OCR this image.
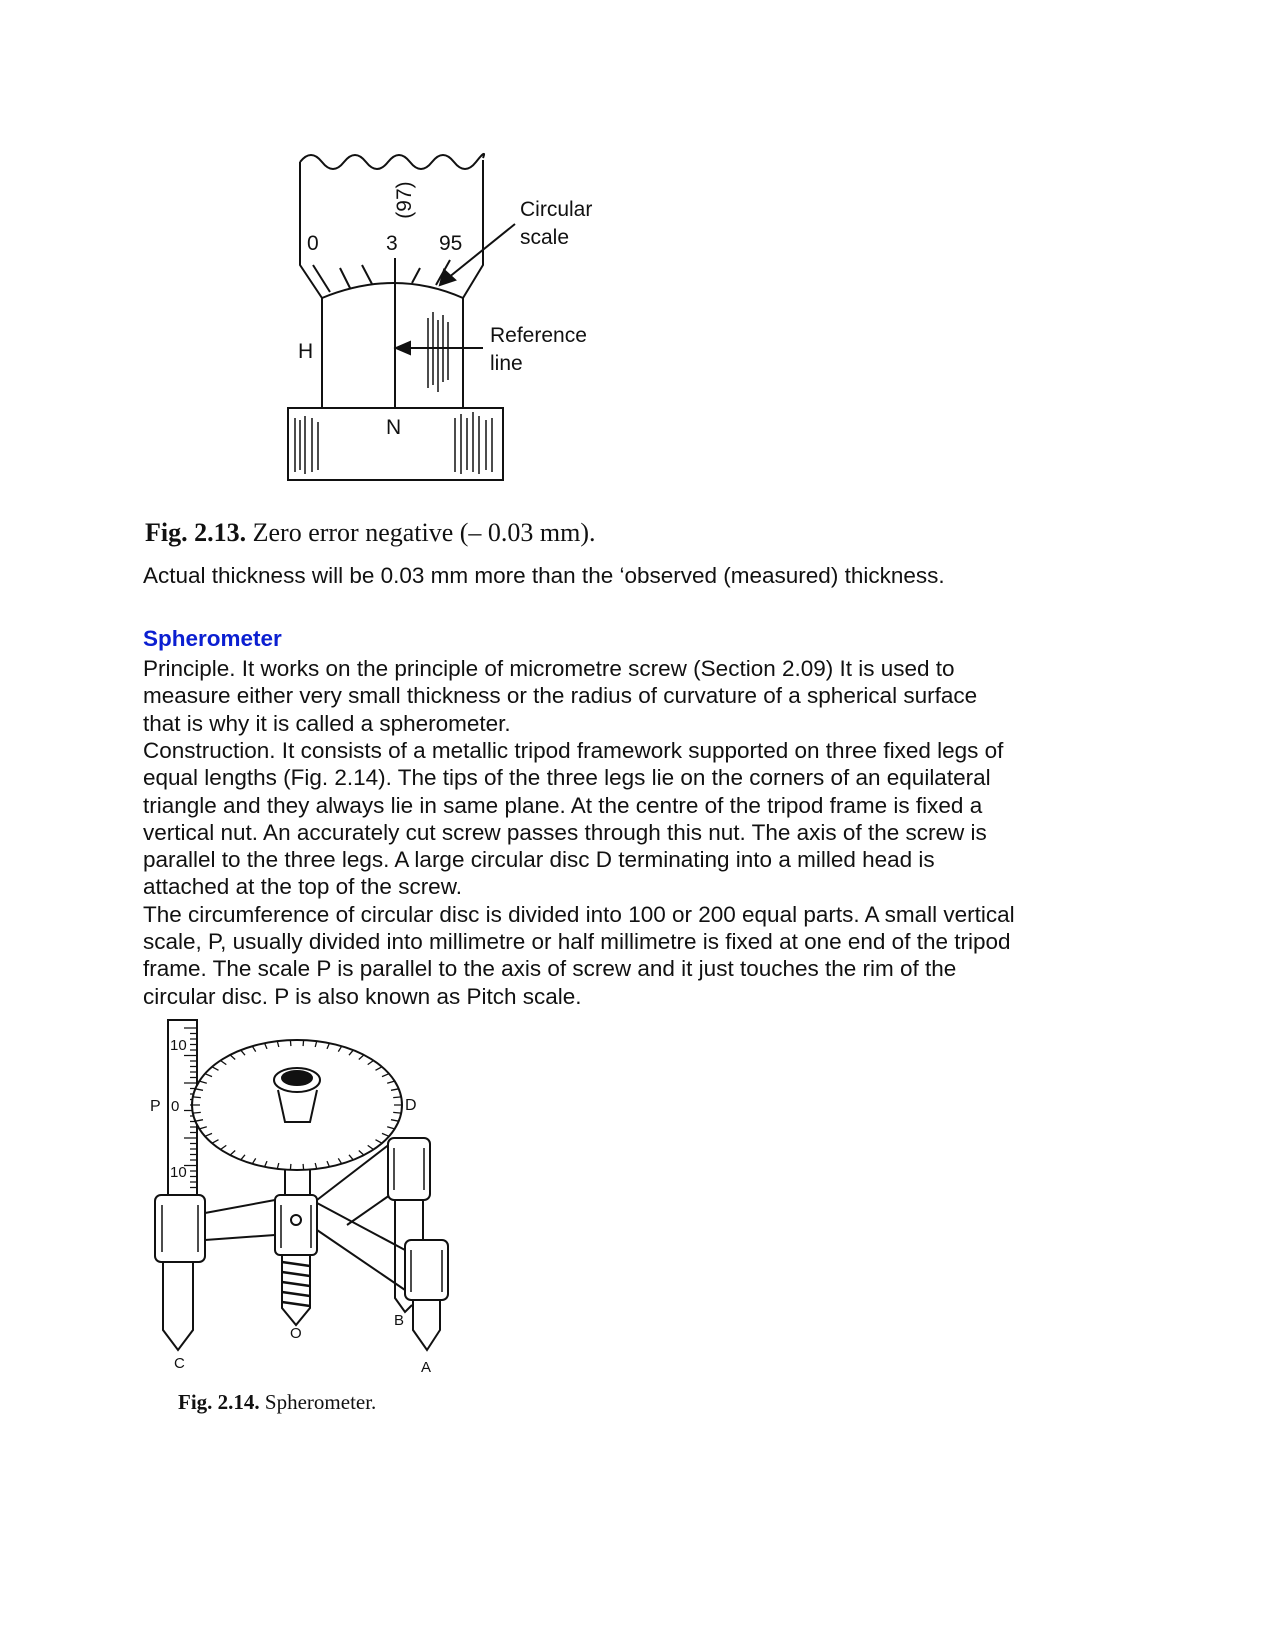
(97)
0	3 95
H
N
Circular
scale
Reference
line
10
P 0
10
D
C
O
B
A
Fig. 2.13. Zero error negative (– 0.03 mm).
Actual thickness will be 0.03 mm more than the ‘observed (measured) thickness.
Spherometer
Principle. It works on the principle of micrometre screw (Section 2.09) It is used to
measure either very small thickness or the radius of curvature of a spherical surface
that is why it is called a spherometer.
Construction. It consists of a metallic tripod framework supported on three fixed legs of
equal lengths (Fig. 2.14). The tips of the three legs lie on the corners of an equilateral
triangle and they always lie in same plane. At the centre of the tripod frame is fixed a
vertical nut. An accurately cut screw passes through this nut. The axis of the screw is
parallel to the three legs. A large circular disc D terminating into a milled head is
attached at the top of the screw.
The circumference of circular disc is divided into 100 or 200 equal parts. A small vertical
scale, P, usually divided into millimetre or half millimetre is fixed at one end of the tripod
frame. The scale P is parallel to the axis of screw and it just touches the rim of the
circular disc. P is also known as Pitch scale.
Fig. 2.14. Spherometer.
